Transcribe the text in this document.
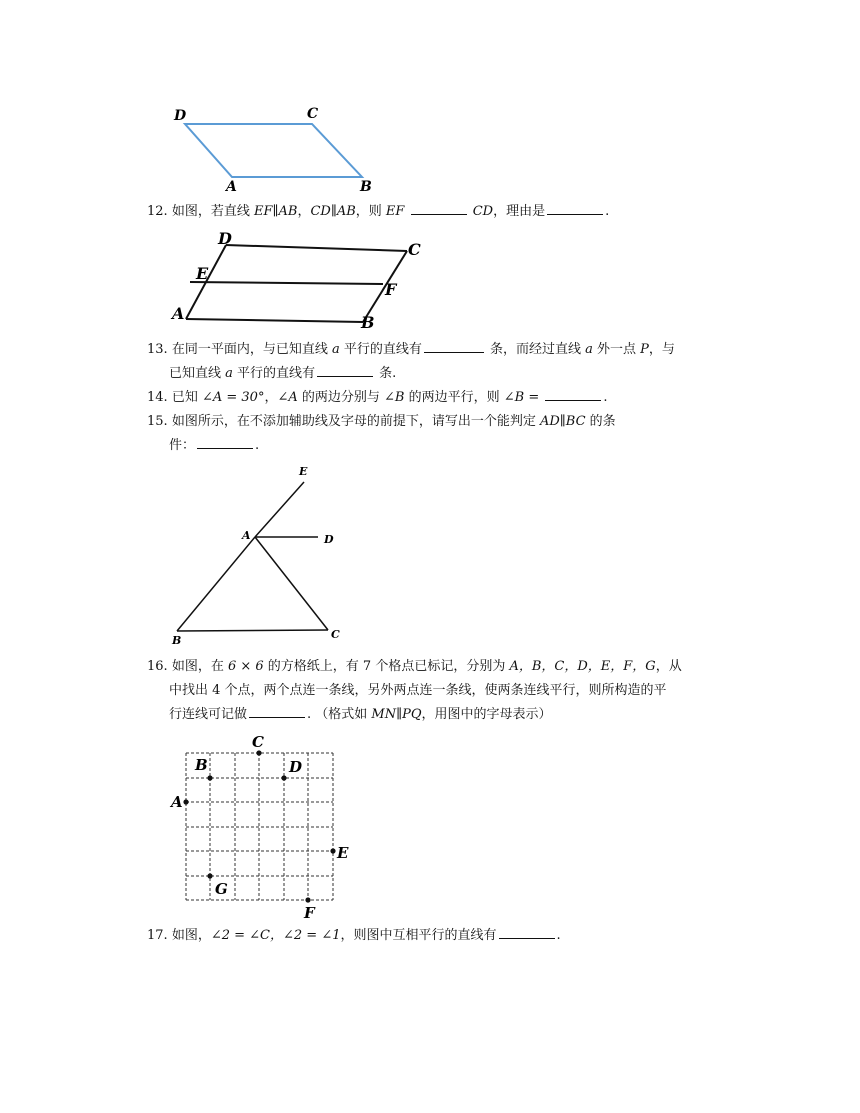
D	C
A	B
12. 如图，若直线 EF∥AB，CD∥AB，则 EF	CD，理由是	.
D
C
E
F
A	B
13. 在同一平面内，与已知直线 a 平行的直线有	条，而经过直线 a 外一点 P，与
已知直线 a 平行的直线有	条.
14. 已知 ∠A = 30°，∠A 的两边分别与 ∠B 的两边平行，则 ∠B =	.
15. 如图所示，在不添加辅助线及字母的前提下，请写出一个能判定 AD∥BC 的条
件：	.
E
A	D
B	C
16. 如图，在 6 × 6 的方格纸上，有 7 个格点已标记，分别为 A，B，C，D，E，F，G，从
中找出 4 个点，两个点连一条线，另外两点连一条线，使两条连线平行，则所构造的平
行连线可记做	. （格式如 MN∥PQ，用图中的字母表示）
C
B	D
A
E
G
F
17. 如图，∠2 = ∠C，∠2 = ∠1，则图中互相平行的直线有	.
